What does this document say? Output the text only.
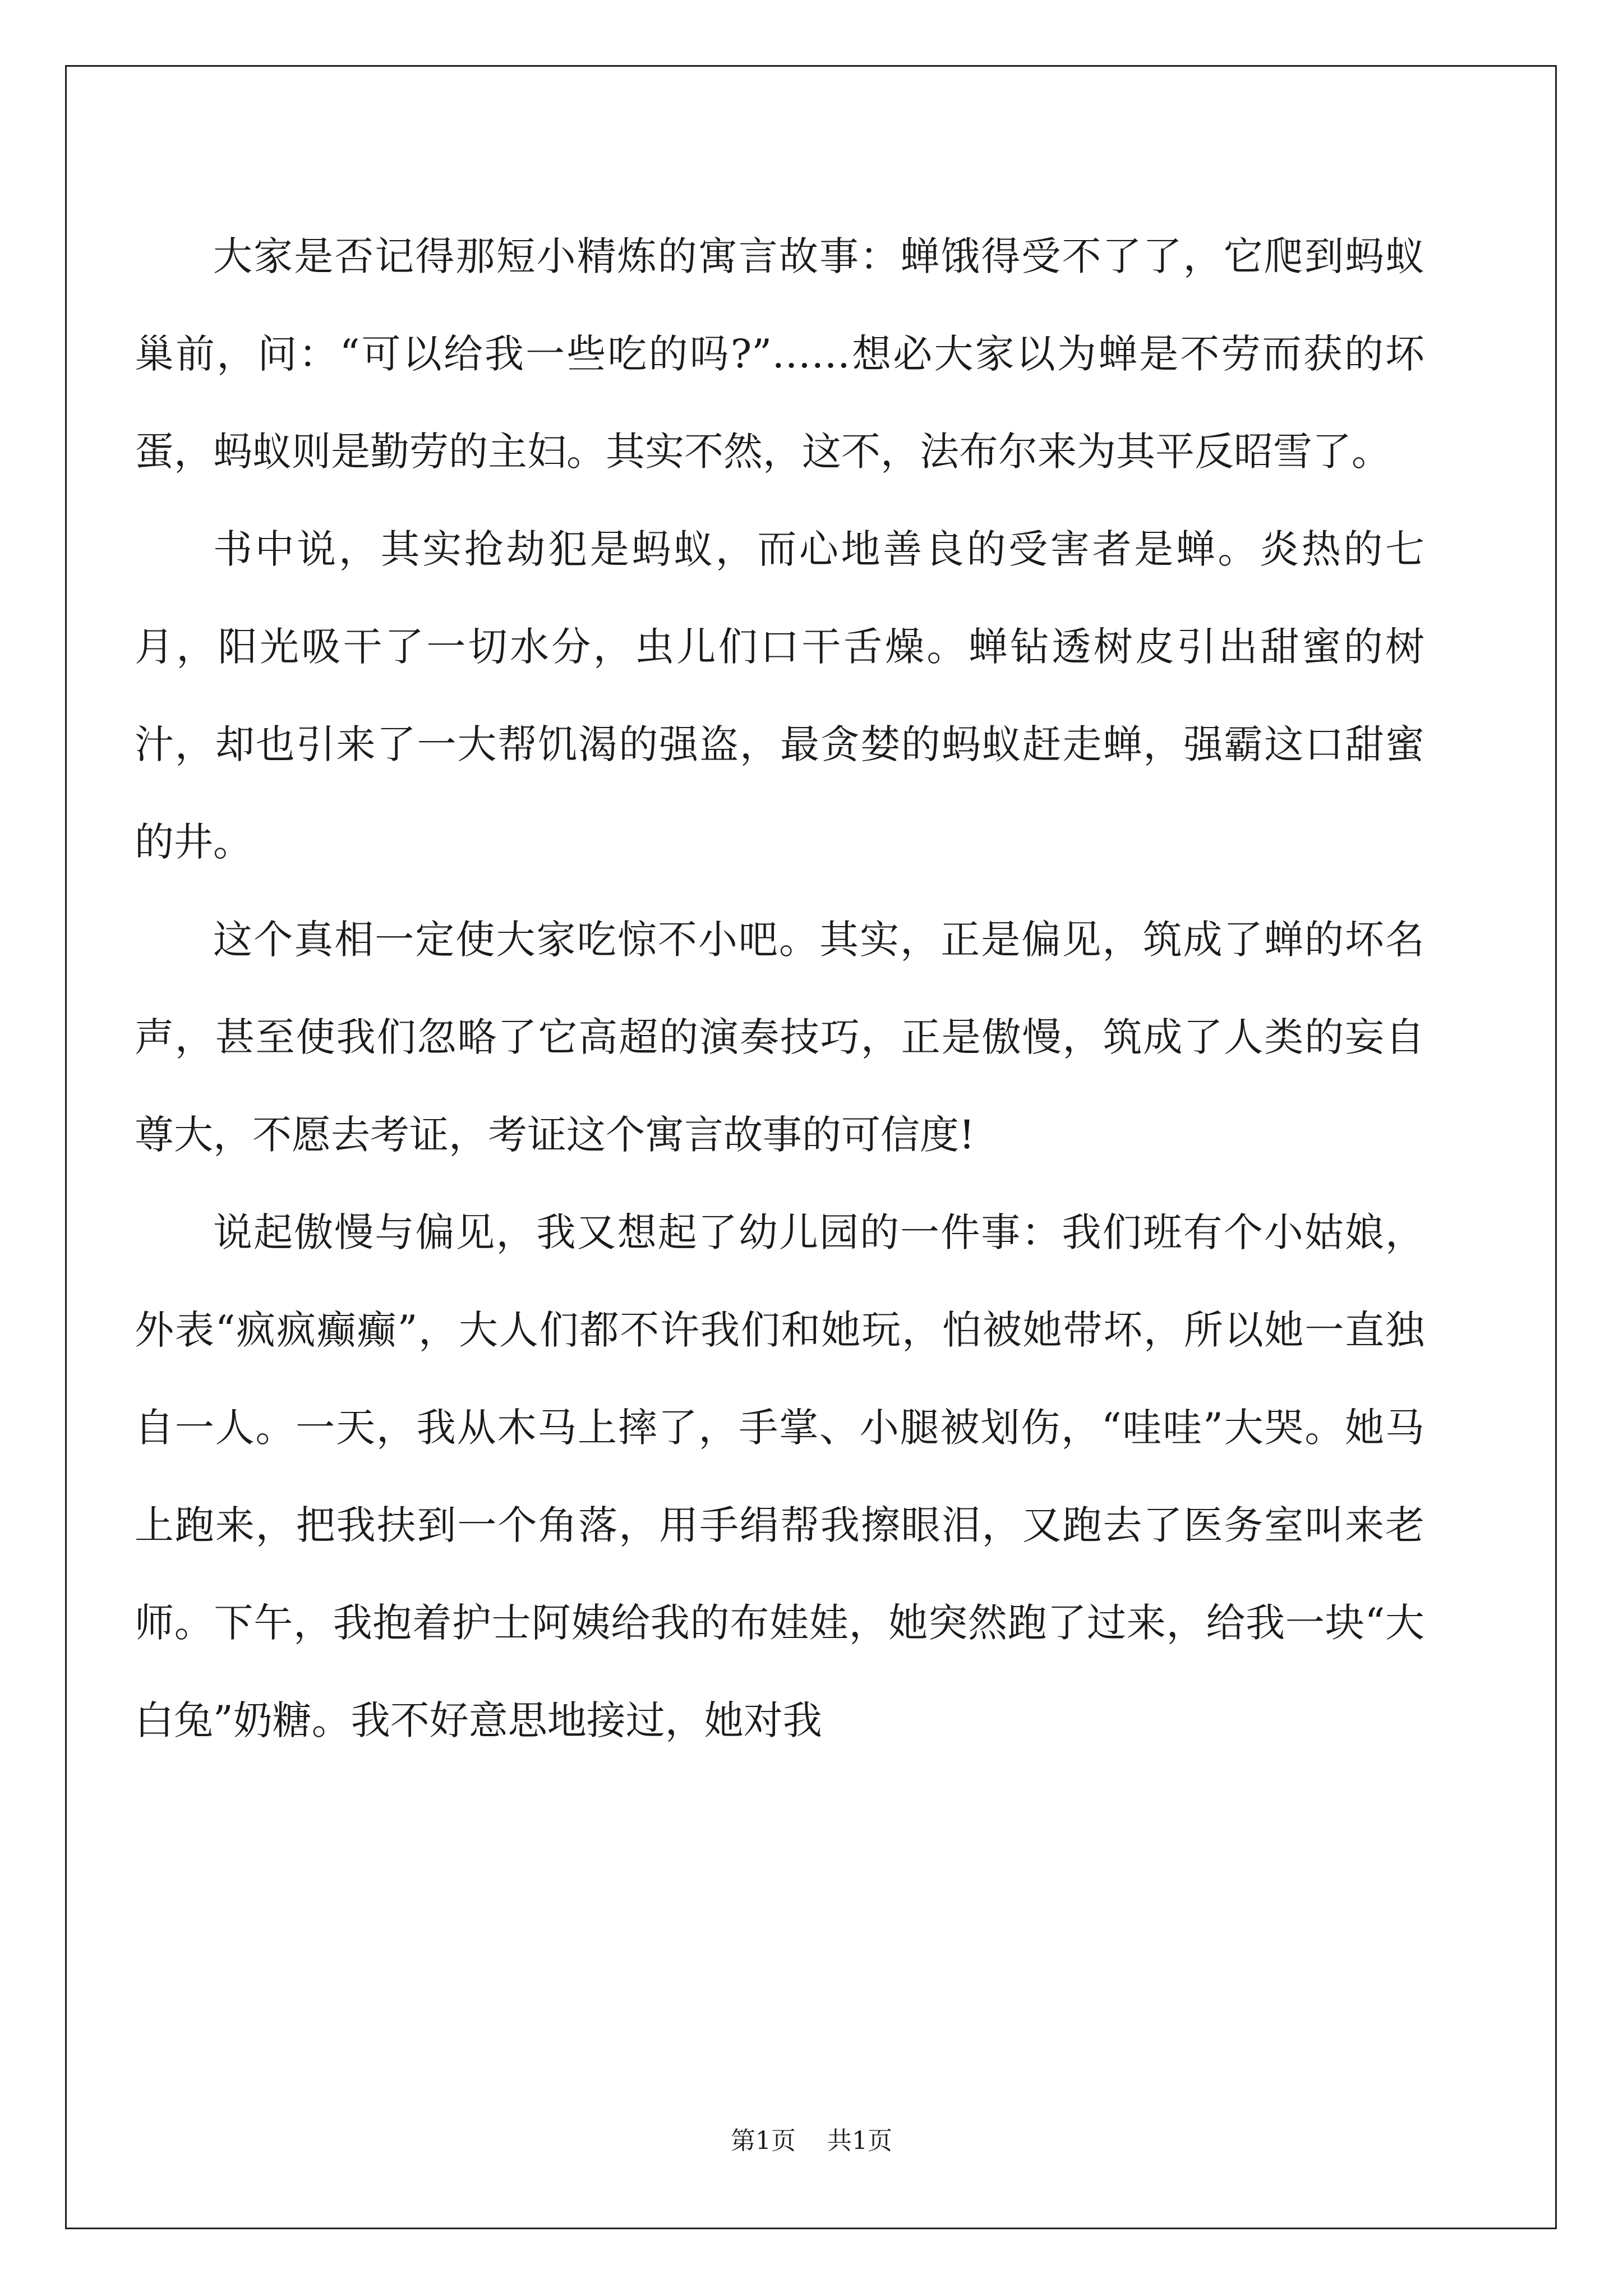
大家是否记得那短小精炼的寓言故事：蝉饿得受不了了，它爬到蚂蚁巢前，问：“可以给我一些吃的吗?”……想必大家以为蝉是不劳而获的坏蛋，蚂蚁则是勤劳的主妇。其实不然，这不，法布尔来为其平反昭雪了。

书中说，其实抢劫犯是蚂蚁，而心地善良的受害者是蝉。炎热的七月，阳光吸干了一切水分，虫儿们口干舌燥。蝉钻透树皮引出甜蜜的树汁，却也引来了一大帮饥渴的强盗，最贪婪的蚂蚁赶走蝉，强霸这口甜蜜的井。

这个真相一定使大家吃惊不小吧。其实，正是偏见，筑成了蝉的坏名声，甚至使我们忽略了它高超的演奏技巧，正是傲慢，筑成了人类的妄自尊大，不愿去考证，考证这个寓言故事的可信度!

说起傲慢与偏见，我又想起了幼儿园的一件事：我们班有个小姑娘，外表“疯疯癫癫”，大人们都不许我们和她玩，怕被她带坏，所以她一直独自一人。一天，我从木马上摔了，手掌、小腿被划伤，“哇哇”大哭。她马上跑来，把我扶到一个角落，用手绢帮我擦眼泪，又跑去了医务室叫来老师。下午，我抱着护士阿姨给我的布娃娃，她突然跑了过来，给我一块“大白兔”奶糖。我不好意思地接过，她对我

第1页 共1页
